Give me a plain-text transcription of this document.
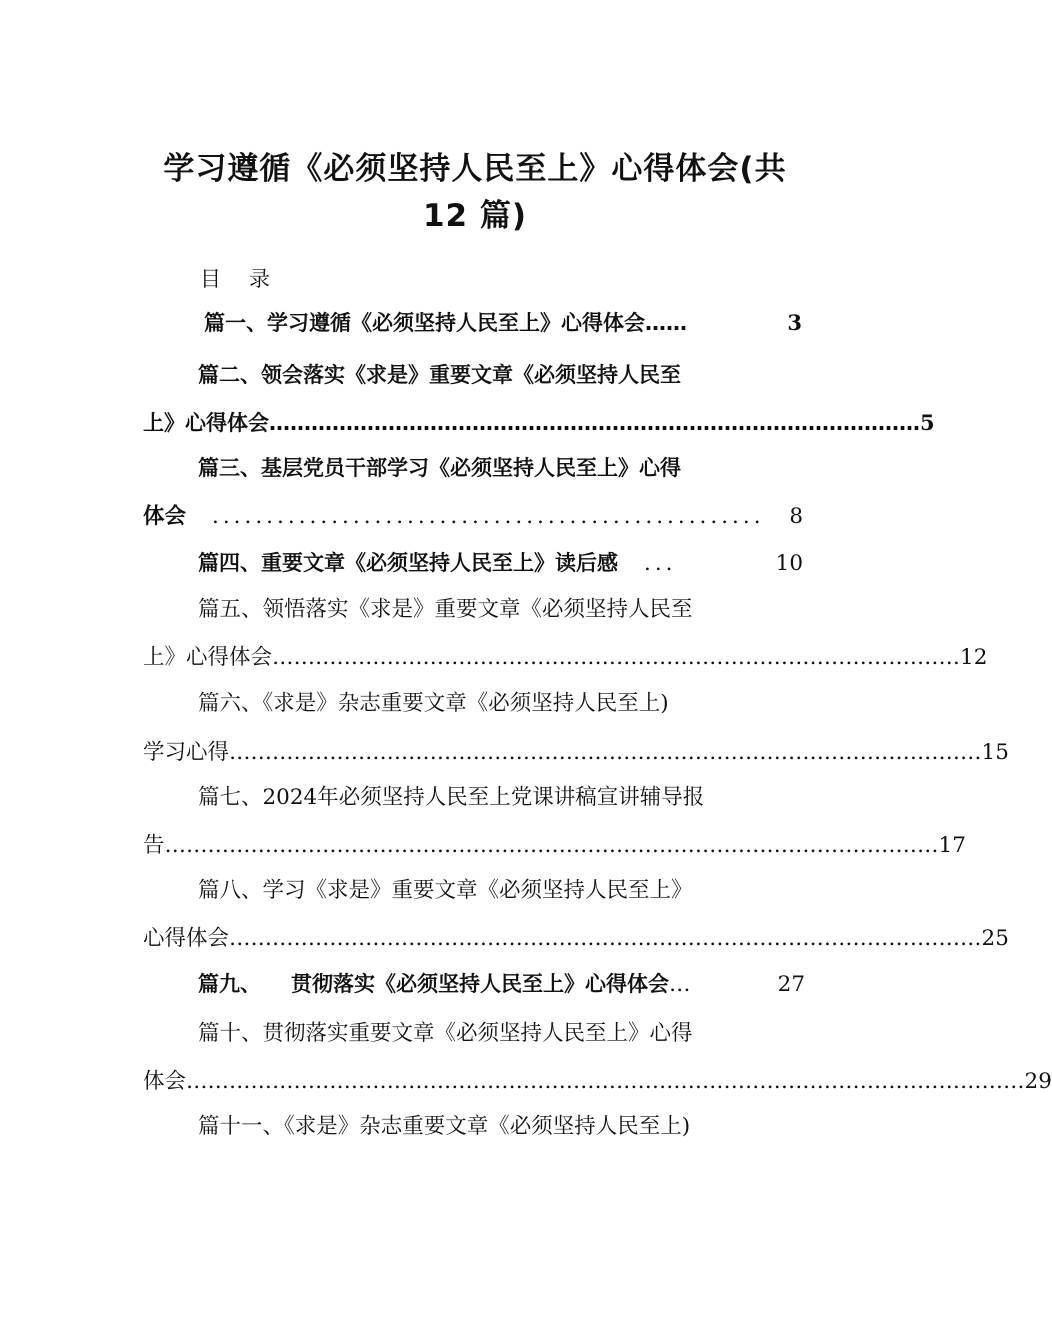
学习遵循《必须坚持人民至上》心得体会(共
12 篇)
目录
篇一、学习遵循《必须坚持人民至上》心得体会 ……	3
篇二、领会落实《求是》重要文章《必须坚持人民至
上》心得体会 ………………………………………………………………………………… 5
篇三、基层党员干部学习《必须坚持人民至上》心得
体会 ...................................................	8
篇四、重要文章《必须坚持人民至上》读后感 ...	10
篇五、领悟落实《求是》重要文章《必须坚持人民至
上》心得体会 …………………………………………………………………………………… 12
篇六、《求是》杂志重要文章《必须坚持人民至上)
学习心得 …………………………………………………………………………………………… 15
篇七、2024年必须坚持人民至上党课讲稿宣讲辅导报
告 ……………………………………………………………………………………………… 17
篇八、学习《求是》重要文章《必须坚持人民至上》
心得体会 …………………………………………………………………………………………… 25
篇九、 贯彻落实《必须坚持人民至上》心得体会 …	27
篇十、贯彻落实重要文章《必须坚持人民至上》心得
体会 ……………………………………………………………………………………………………… 29
篇十一、《求是》杂志重要文章《必须坚持人民至上)
